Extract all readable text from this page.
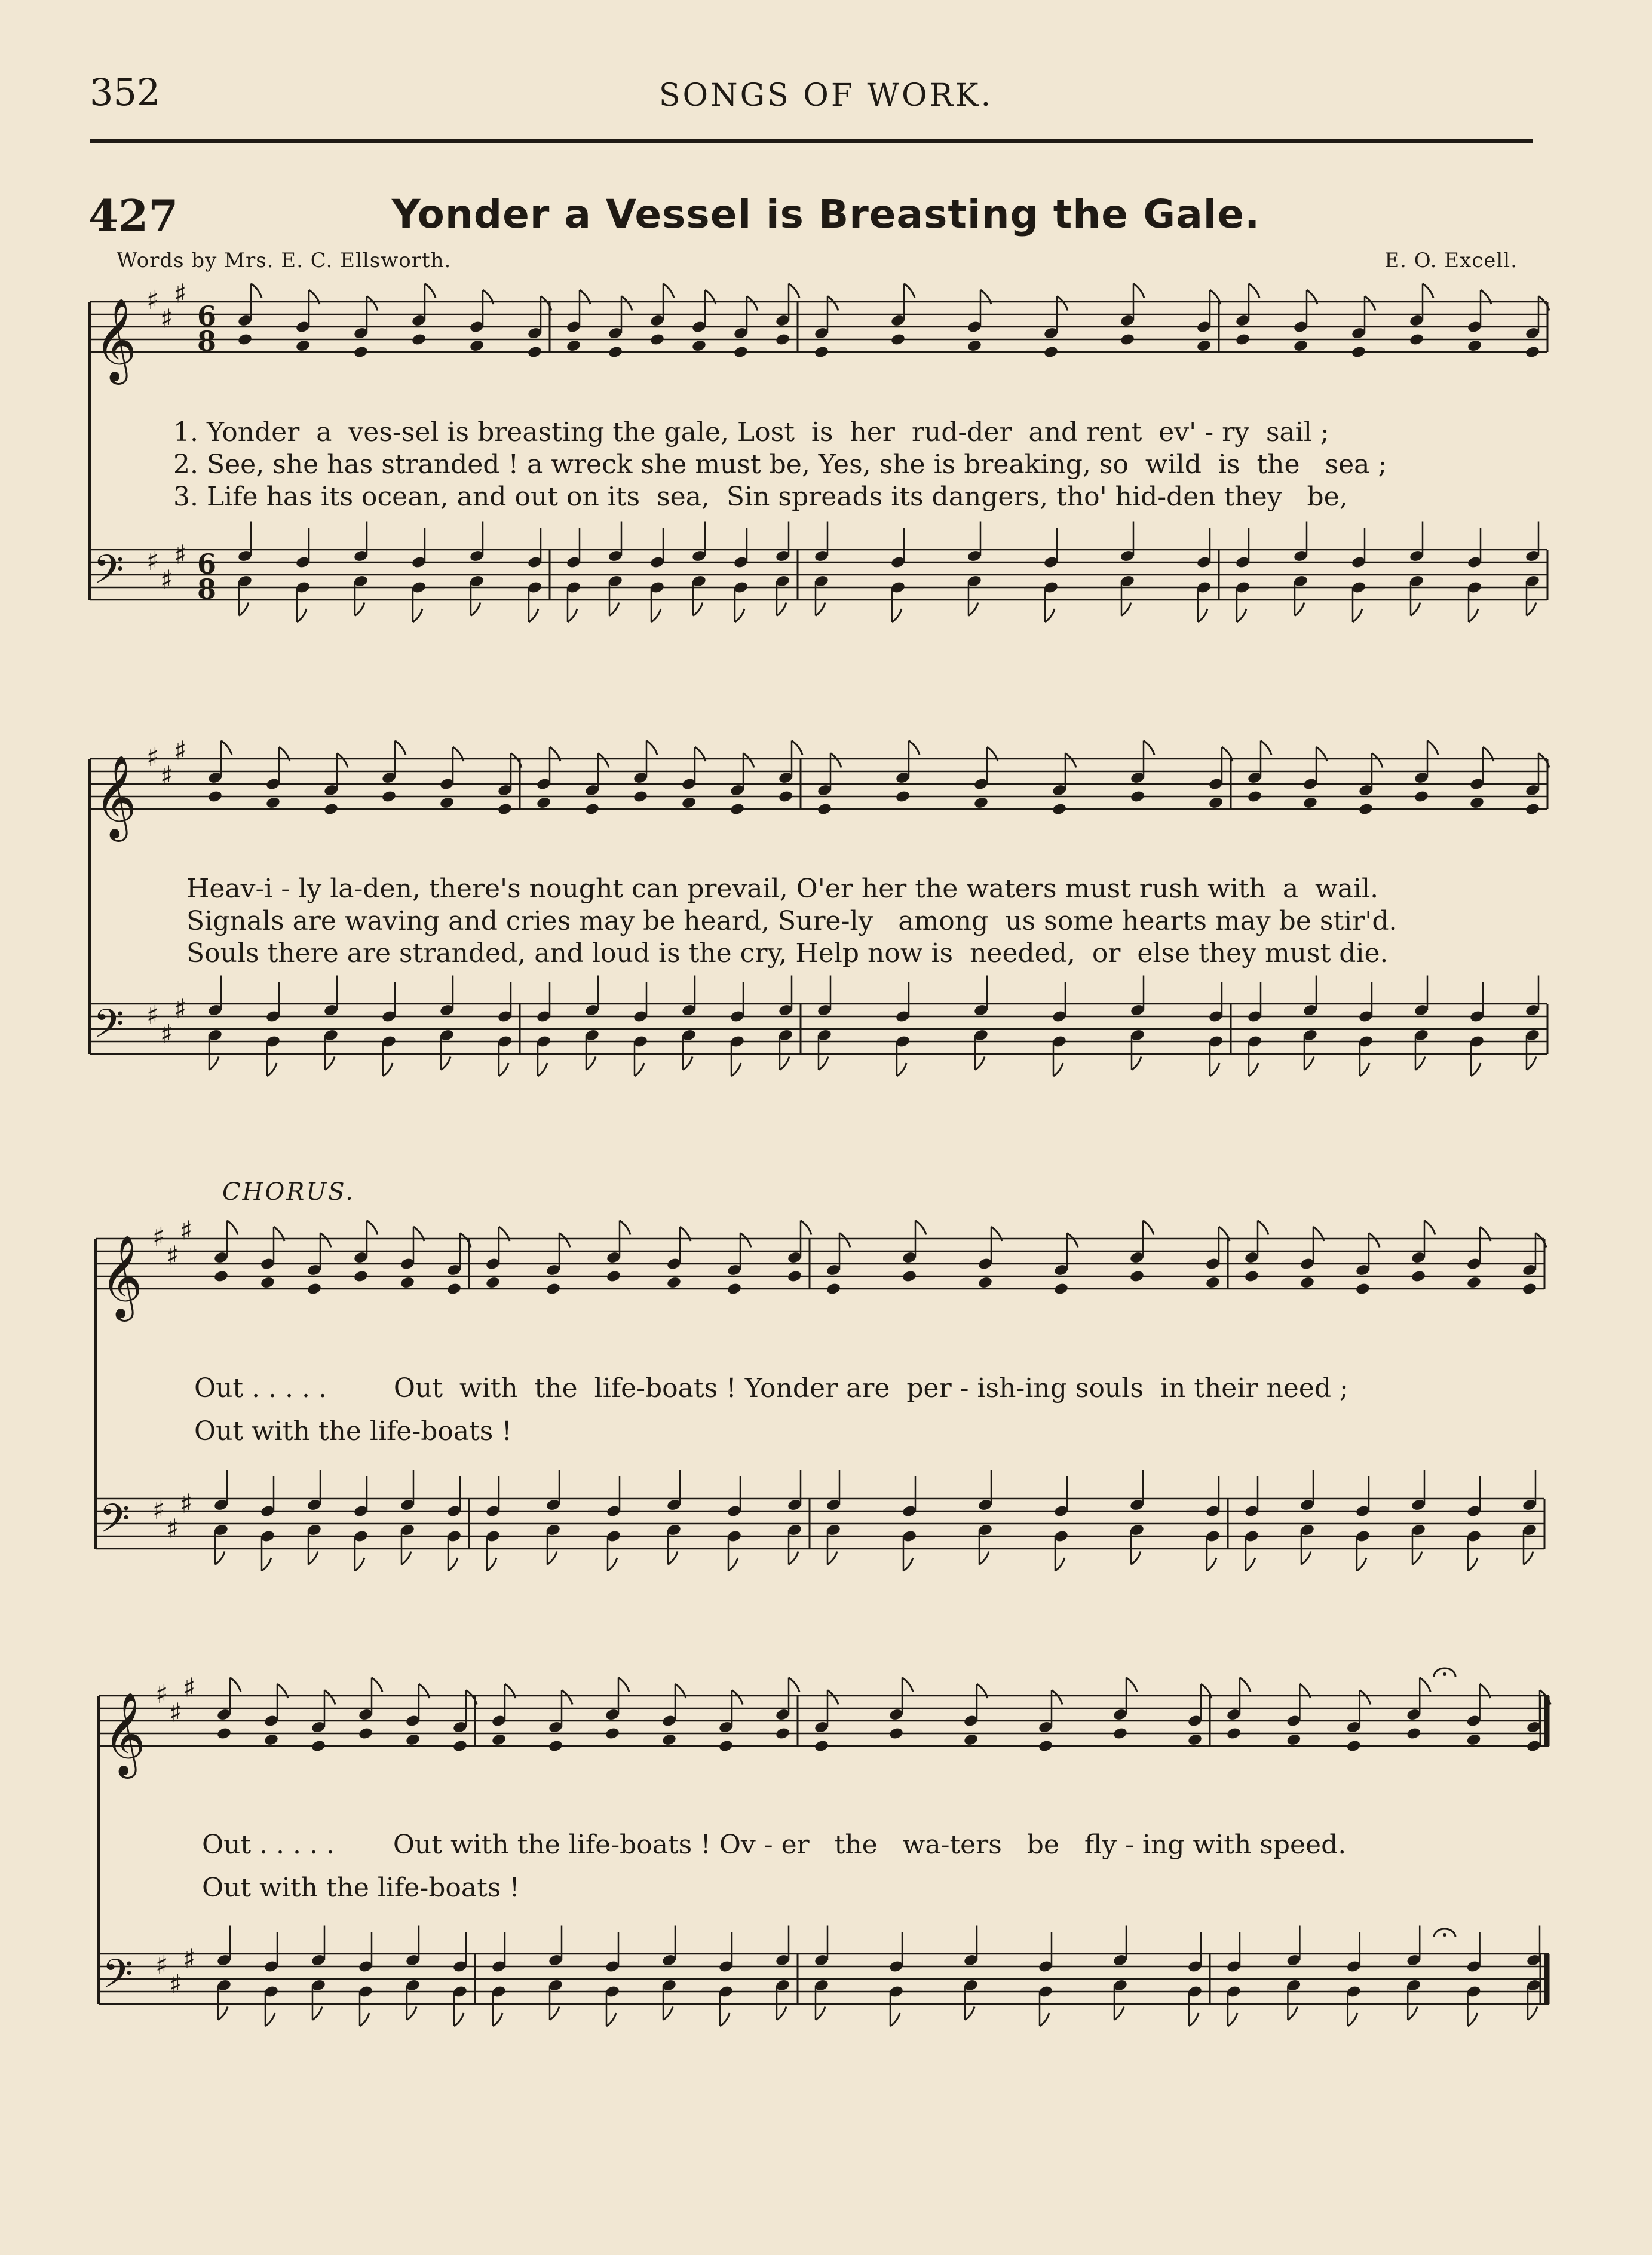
352	SONGS OF WORK.
427	Yonder a Vessel is Breasting the Gale.
Words by Mrs. E. C. Ellsworth.	E. O. Excell.
𝄞
𝄢
♯
♯
♯
♯
♯
♯
6
8
6
8
𝄞
𝄢
♯
♯
♯
♯
♯
♯
𝄞
𝄢
♯
♯
♯
♯
♯
♯
𝄞
𝄢
♯
♯
♯
♯
♯
♯
1. Yonder  a  ves-sel is breasting the gale, Lost  is  her  rud-der  and rent  ev' - ry  sail ;
2. See, she has stranded ! a wreck she must be, Yes, she is breaking, so  wild  is  the   sea ;
3. Life has its ocean, and out on its  sea,  Sin spreads its dangers, tho' hid-den they   be,
Heav-i - ly la-den, there's nought can prevail, O'er her the waters must rush with  a  wail.
Signals are waving and cries may be heard, Sure-ly   among  us some hearts may be stir'd.
Souls there are stranded, and loud is the cry, Help now is  needed,  or  else they must die.
CHORUS.
Out . . . . .        Out  with  the  life-boats ! Yonder are  per - ish-ing souls  in their need ;
Out with the life-boats !
Out . . . . .       Out with the life-boats ! Ov - er   the   wa-ters   be   fly - ing with speed.
Out with the life-boats !
